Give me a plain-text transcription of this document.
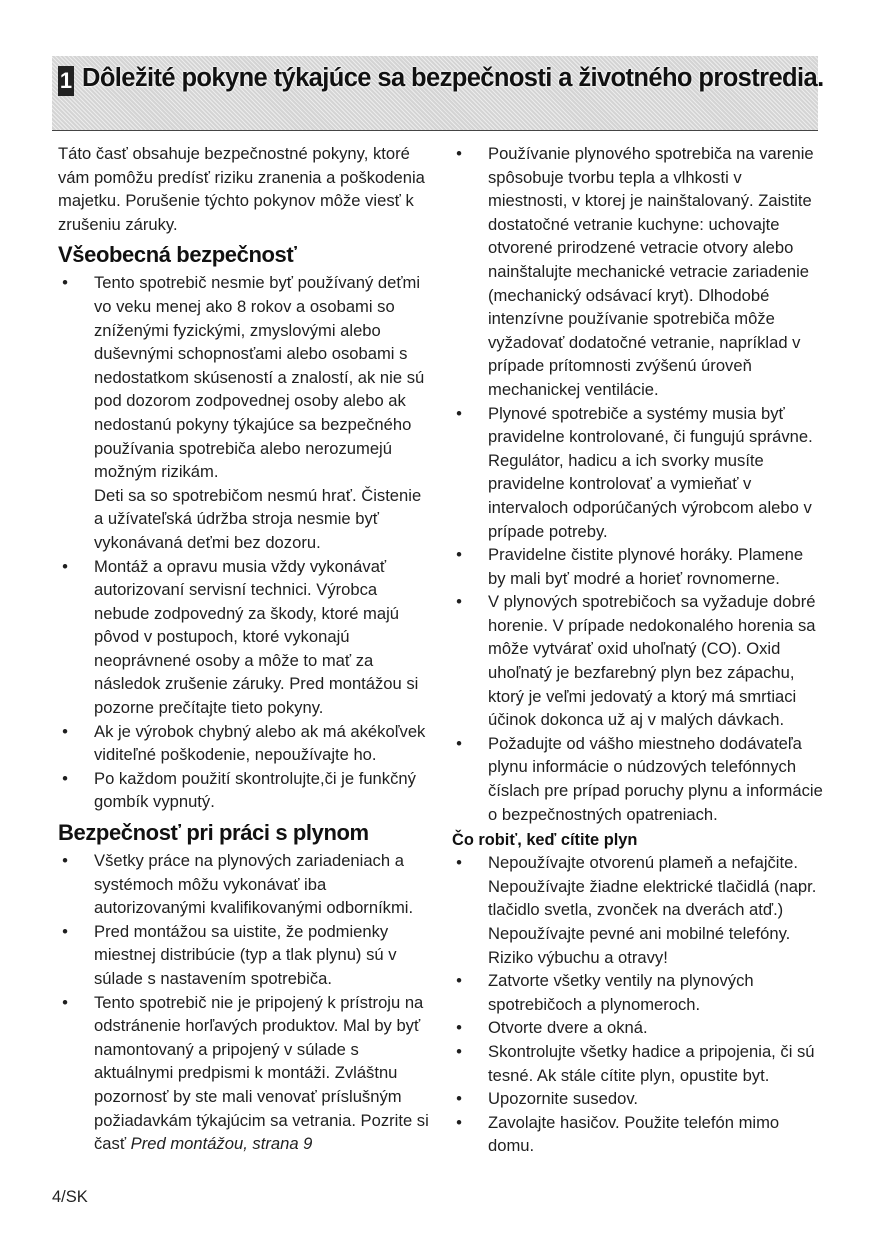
1 Dôležité pokyne týkajúce sa bezpečnosti a životného prostredia.

Táto časť obsahuje bezpečnostné pokyny, ktoré vám pomôžu predísť riziku zranenia a poškodenia majetku. Porušenie týchto pokynov môže viesť k zrušeniu záruky.

Všeobecná bezpečnosť
• Tento spotrebič nesmie byť používaný deťmi vo veku menej ako 8 rokov a osobami so zníženými fyzickými, zmyslovými alebo duševnými schopnosťami alebo osobami s nedostatkom skúseností a znalostí, ak nie sú pod dozorom zodpovednej osoby alebo ak nedostanú pokyny týkajúce sa bezpečného používania spotrebiča alebo nerozumejú možným rizikám.
Deti sa so spotrebičom nesmú hrať. Čistenie a užívateľská údržba stroja nesmie byť vykonávaná deťmi bez dozoru.
• Montáž a opravu musia vždy vykonávať autorizovaní servisní technici. Výrobca nebude zodpovedný za škody, ktoré majú pôvod v postupoch, ktoré vykonajú neoprávnené osoby a môže to mať za následok zrušenie záruky. Pred montážou si pozorne prečítajte tieto pokyny.
• Ak je výrobok chybný alebo ak má akékoľvek viditeľné poškodenie, nepoužívajte ho.
• Po každom použití skontrolujte,či je funkčný gombík vypnutý.
Bezpečnosť pri práci s plynom
• Všetky práce na plynových zariadeniach a systémoch môžu vykonávať iba autorizovanými kvalifikovanými odborníkmi.
• Pred montážou sa uistite, že podmienky miestnej distribúcie (typ a tlak plynu) sú v súlade s nastavením spotrebiča.
• Tento spotrebič nie je pripojený k prístroju na odstránenie horľavých produktov. Mal by byť namontovaný a pripojený v súlade s aktuálnymi predpismi k montáži. Zvláštnu pozornosť by ste mali venovať príslušným požiadavkám týkajúcim sa vetrania. Pozrite si časť Pred montážou, strana 9
• Používanie plynového spotrebiča na varenie spôsobuje tvorbu tepla a vlhkosti v miestnosti, v ktorej je nainštalovaný. Zaistite dostatočné vetranie kuchyne: uchovajte otvorené prirodzené vetracie otvory alebo nainštalujte mechanické vetracie zariadenie (mechanický odsávací kryt). Dlhodobé intenzívne používanie spotrebiča môže vyžadovať dodatočné vetranie, napríklad v prípade prítomnosti zvýšenú úroveň mechanickej ventilácie.
• Plynové spotrebiče a systémy musia byť pravidelne kontrolované, či fungujú správne. Regulátor, hadicu a ich svorky musíte pravidelne kontrolovať a vymieňať v intervaloch odporúčaných výrobcom alebo v prípade potreby.
• Pravidelne čistite plynové horáky. Plamene by mali byť modré a horieť rovnomerne.
• V plynových spotrebičoch sa vyžaduje dobré horenie. V prípade nedokonalého horenia sa môže vytvárať oxid uhoľnatý (CO). Oxid uhoľnatý je bezfarebný plyn bez zápachu, ktorý je veľmi jedovatý a ktorý má smrtiaci účinok dokonca už aj v malých dávkach.
• Požadujte od vášho miestneho dodávateľa plynu informácie o núdzových telefónnych číslach pre prípad poruchy plynu a informácie o bezpečnostných opatreniach.
Čo robiť, keď cítite plyn
• Nepoužívajte otvorenú plameň a nefajčite. Nepoužívajte žiadne elektrické tlačidlá (napr. tlačidlo svetla, zvonček na dverách atď.) Nepoužívajte pevné ani mobilné telefóny. Riziko výbuchu a otravy!
• Zatvorte všetky ventily na plynových spotrebičoch a plynomeroch.
• Otvorte dvere a okná.
• Skontrolujte všetky hadice a pripojenia, či sú tesné. Ak stále cítite plyn, opustite byt.
• Upozornite susedov.
• Zavolajte hasičov. Použite telefón mimo domu.
4/SK
